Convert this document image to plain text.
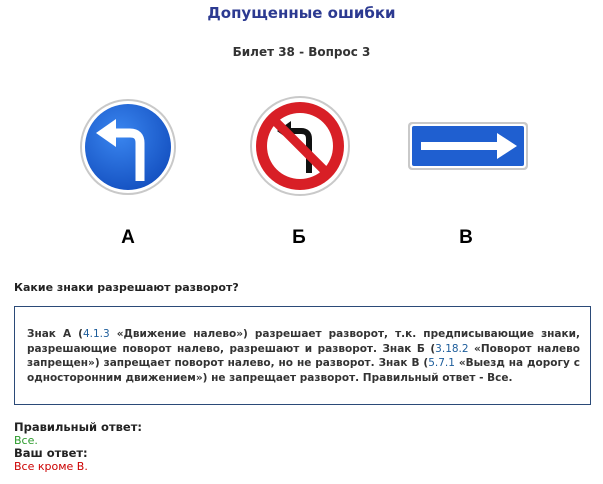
Допущенные ошибки
Билет 38 - Вопрос 3
А	Б	В
Какие знаки разрешают разворот?
Знак А (4.1.3 «Движение налево») разрешает разворот, т.к. предписывающие знаки, разрешающие поворот налево, разрешают и разворот. Знак Б (3.18.2 «Поворот налево запрещен») запрещает поворот налево, но не разворот. Знак В (5.7.1 «Выезд на дорогу с односторонним движением») не запрещает разворот. Правильный ответ - Все.
Правильный ответ:
Все.
Ваш ответ:
Все кроме В.
